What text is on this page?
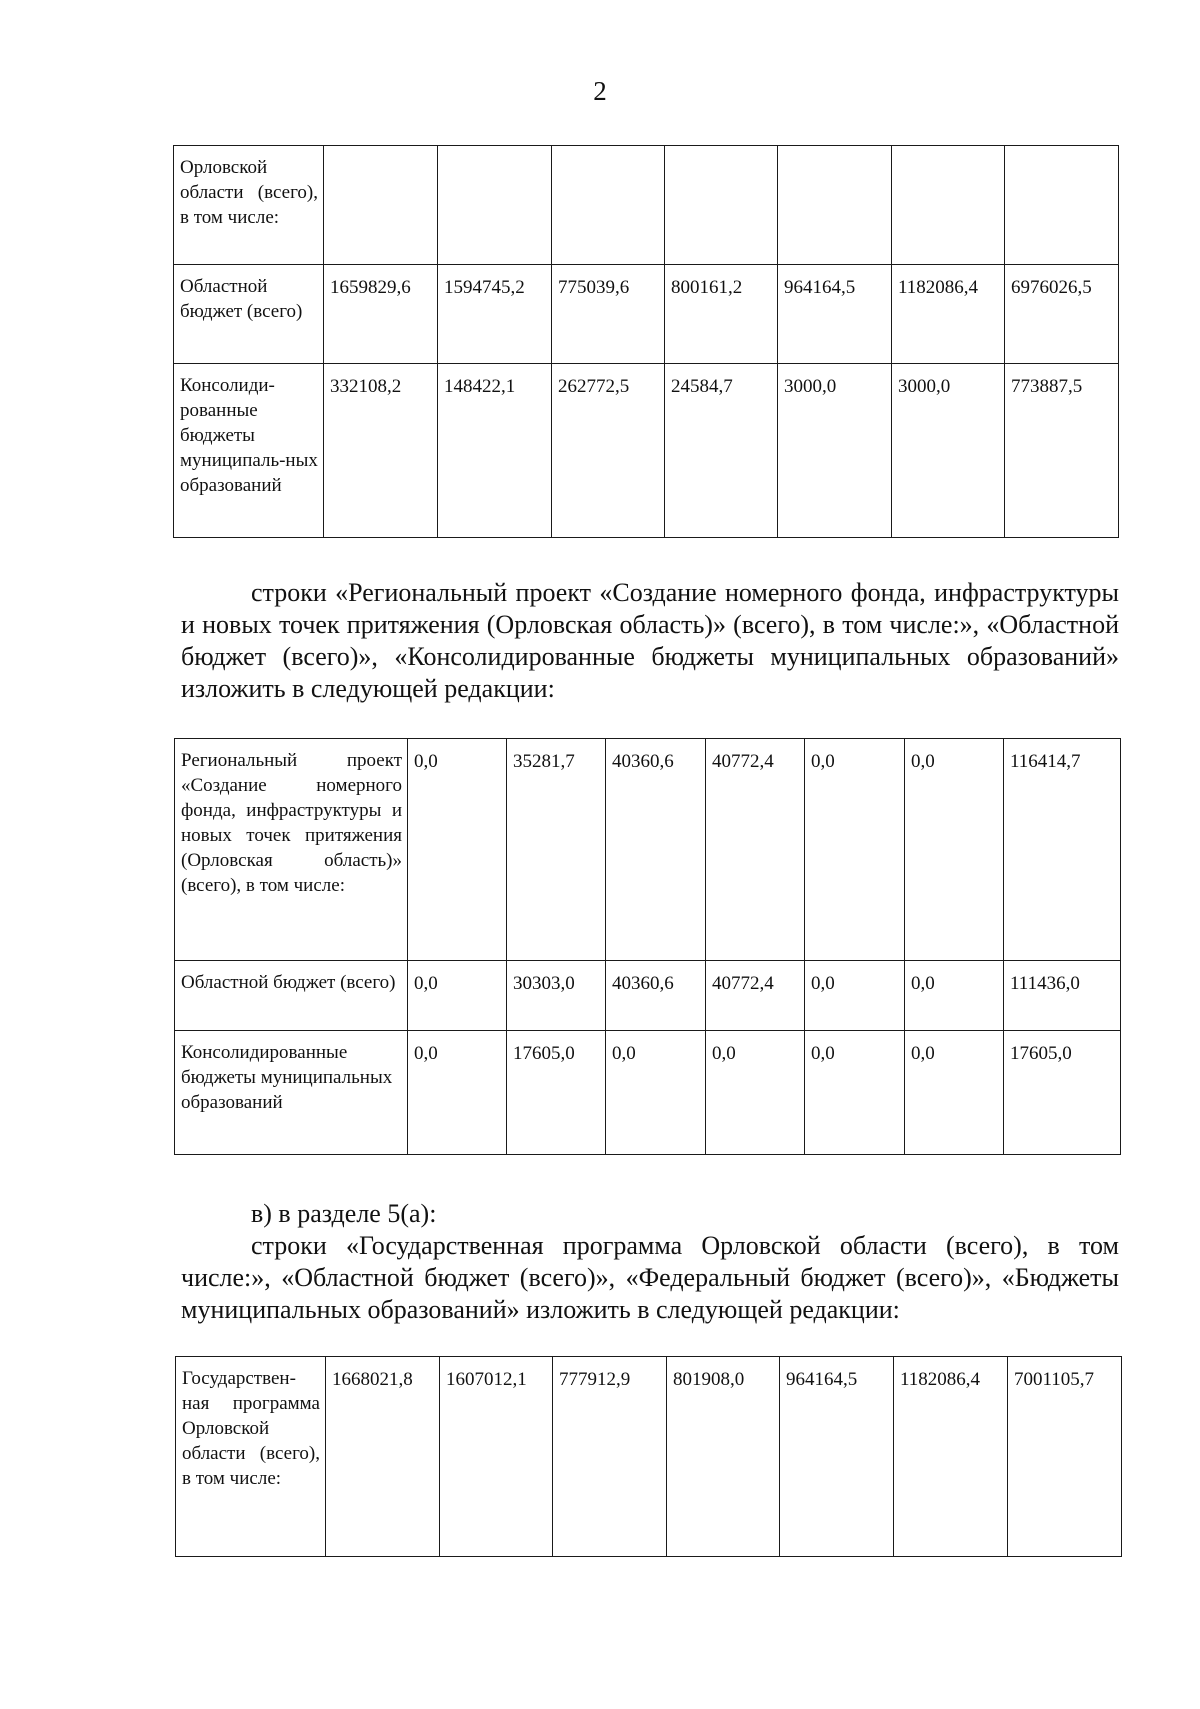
2
Орловской области (всего), в том числе:							
Областной бюджет (всего)	1659829,6	1594745,2	775039,6	800161,2	964164,5	1182086,4	6976026,5
Консолиди-рованные бюджеты муниципаль-ных образований	332108,2	148422,1	262772,5	24584,7	3000,0	3000,0	773887,5
строки «Региональный проект «Создание номерного фонда, инфраструктуры и новых точек притяжения (Орловская область)» (всего), в том числе:», «Областной бюджет (всего)», «Консолидированные бюджеты муниципальных образований» изложить в следующей редакции:
Региональный проект «Создание номерного фонда, инфраструктуры и новых точек притяжения (Орловская область)» (всего), в том числе:	0,0	35281,7	40360,6	40772,4	0,0	0,0	116414,7
Областной бюджет (всего)	0,0	30303,0	40360,6	40772,4	0,0	0,0	111436,0
Консолидированные бюджеты муниципальных образований	0,0	17605,0	0,0	0,0	0,0	0,0	17605,0
в) в разделе 5(а):
строки «Государственная программа Орловской области (всего), в том числе:», «Областной бюджет (всего)», «Федеральный бюджет (всего)», «Бюджеты муниципальных образований» изложить в следующей редакции:
Государствен-ная программа Орловской области (всего), в том числе:	1668021,8	1607012,1	777912,9	801908,0	964164,5	1182086,4	7001105,7
